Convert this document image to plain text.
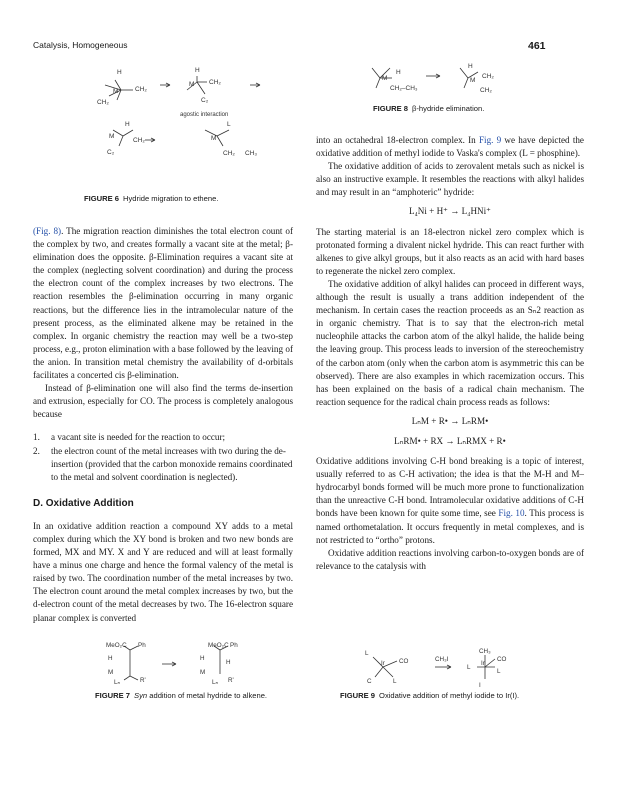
Catalysis, Homogeneous	461
H
M	CH₂
CH₂
H
M CH₂
C₂
agostic interaction
H
M
C₂
CH₂
L
M
CH₂ CH₃
FIGURE 6 Hydride migration to ethene.
H
M
CH₂–CH₃
H
M
CH₂
CH₂
FIGURE 8 β-hydride elimination.

(Fig. 8). The migration reaction diminishes the total electron count of the complex by two, and creates formally a vacant site at the metal; β-elimination does the opposite. β-Elimination requires a vacant site at the complex (neglecting solvent coordination) and during the process the electron count of the complex increases by two electrons. The reaction resembles the β-elimination occurring in many organic reactions, but the difference lies in the intramolecular nature of the present process, as the eliminated alkene may be retained in the complex. In organic chemistry the reaction may well be a two-step process, e.g., proton elimination with a base followed by the leaving of the anion. In transition metal chemistry the availability of d-orbitals facilitates a concerted cis β-elimination.

Instead of β-elimination one will also find the terms de-insertion and extrusion, especially for CO. The process is completely analogous because

1.	a vacant site is needed for the reaction to occur;
2.	the electron count of the metal increases with two during the de-insertion (provided that the carbon monoxide remains coordinated to the metal and solvent coordination is neglected).
D. Oxidative Addition

In an oxidative addition reaction a compound XY adds to a metal complex during which the XY bond is broken and two new bonds are formed, MX and MY. X and Y are reduced and will at least formally have a minus one charge and hence the formal valency of the metal is raised by two. The coordination number of the metal increases by two. The electron count around the metal complex increases by two, but the d-electron count of the metal decreases by two. The 16-electron square planar complex is converted

into an octahedral 18-electron complex. In Fig. 9 we have depicted the oxidative addition of methyl iodide to Vaska's complex (L = phosphine).

The oxidative addition of acids to zerovalent metals such as nickel is also an instructive example. It resembles the reactions with alkyl halides and may result in an “amphoteric” hydride:

L₄Ni + H⁺ → L₄HNi⁺

The starting material is an 18-electron nickel zero complex which is protonated forming a divalent nickel hydride. This can react further with alkenes to give alkyl groups, but it also reacts as an acid with hard bases to regenerate the nickel zero complex.

The oxidative addition of alkyl halides can proceed in different ways, although the result is usually a trans addition independent of the mechanism. In certain cases the reaction proceeds as an Sₙ2 reaction as in organic chemistry. That is to say that the electron-rich metal nucleophile attacks the carbon atom of the alkyl halide, the halide being the leaving group. This process leads to inversion of the stereochemistry of the carbon atom (only when the carbon atom is asymmetric this can be observed). There are also examples in which racemization occurs. This has been explained on the basis of a radical chain mechanism. The reaction sequence for the radical chain process reads as follows:

LₙM + R• → LₙRM•
LₙRM• + RX → LₙRMX + R•

Oxidative additions involving C-H bond breaking is a topic of interest, usually referred to as C-H activation; the idea is that the M-H and M–hydrocarbyl bonds formed will be much more prone to functionalization than the unreactive C-H bond. Intramolecular oxidative additions of C-H bonds have been known for quite some time, see Fig. 10. This process is named orthometalation. It occurs frequently in metal complexes, and is not restricted to “ortho” protons.

Oxidative addition reactions involving carbon-to-oxygen bonds are of relevance to the catalysis with

MeO₂C Ph
H
M
Lₙ	R'
H
MeO₂C Ph
H
M
Lₙ R'
FIGURE 7 Syn addition of metal hydride to alkene.
L
Ir CO
C	L
CH₃I
CH₃
L
Ir
CO
I
L
FIGURE 9 Oxidative addition of methyl iodide to Ir(I).
